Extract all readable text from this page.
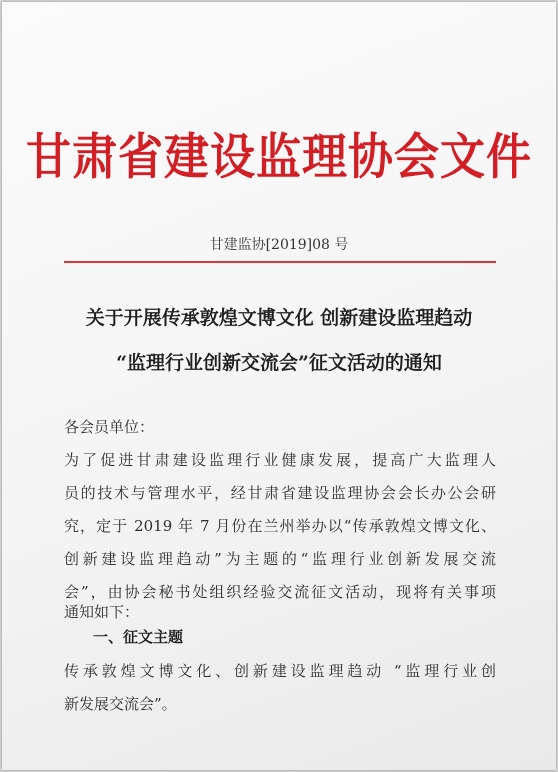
甘肃省建设监理协会文件
甘建监协[2019]08 号
关于开展传承敦煌文博文化 创新建设监理趋动
“监理行业创新交流会”征文活动的通知
各会员单位：
为了促进甘肃建设监理行业健康发展，提高广大监理人
员的技术与管理水平，经甘肃省建设监理协会会长办公会研
究，定于 2019 年 7 月份在兰州举办以“传承敦煌文博文化、
创新建设监理趋动”为主题的“监理行业创新发展交流
会”，由协会秘书处组织经验交流征文活动，现将有关事项
通知如下：
一、征文主题
传承敦煌文博文化、创新建设监理趋动 “监理行业创
新发展交流会”。
